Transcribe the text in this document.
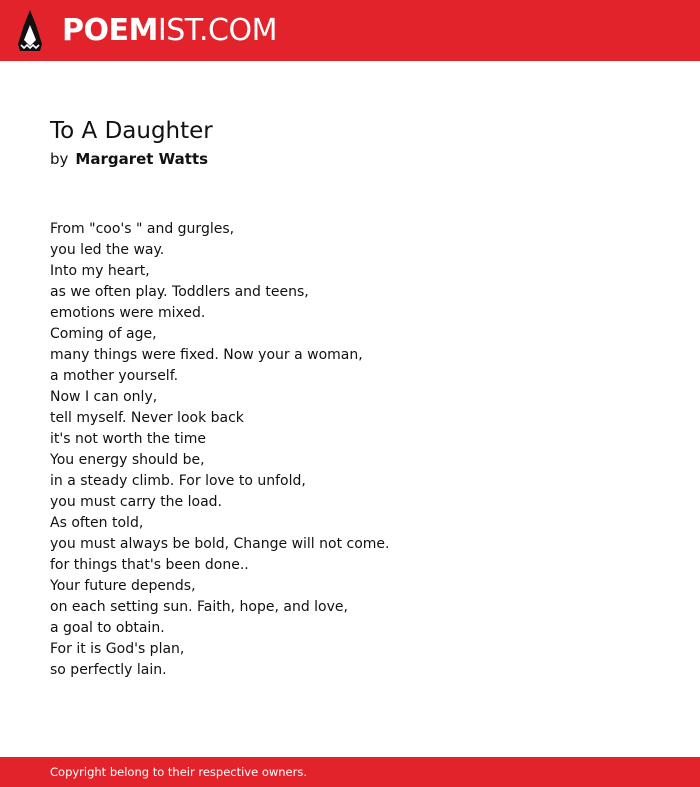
POEMIST.COM
To A Daughter
by Margaret Watts
From "coo's " and gurgles,
you led the way.
Into my heart,
as we often play. Toddlers and teens,
emotions were mixed.
Coming of age,
many things were fixed. Now your a woman,
a mother yourself.
Now I can only,
tell myself. Never look back
it's not worth the time
You energy should be,
in a steady climb. For love to unfold,
you must carry the load.
As often told,
you must always be bold, Change will not come.
for things that's been done..
Your future depends,
on each setting sun. Faith, hope, and love,
a goal to obtain.
For it is God's plan,
so perfectly lain.
Copyright belong to their respective owners.
